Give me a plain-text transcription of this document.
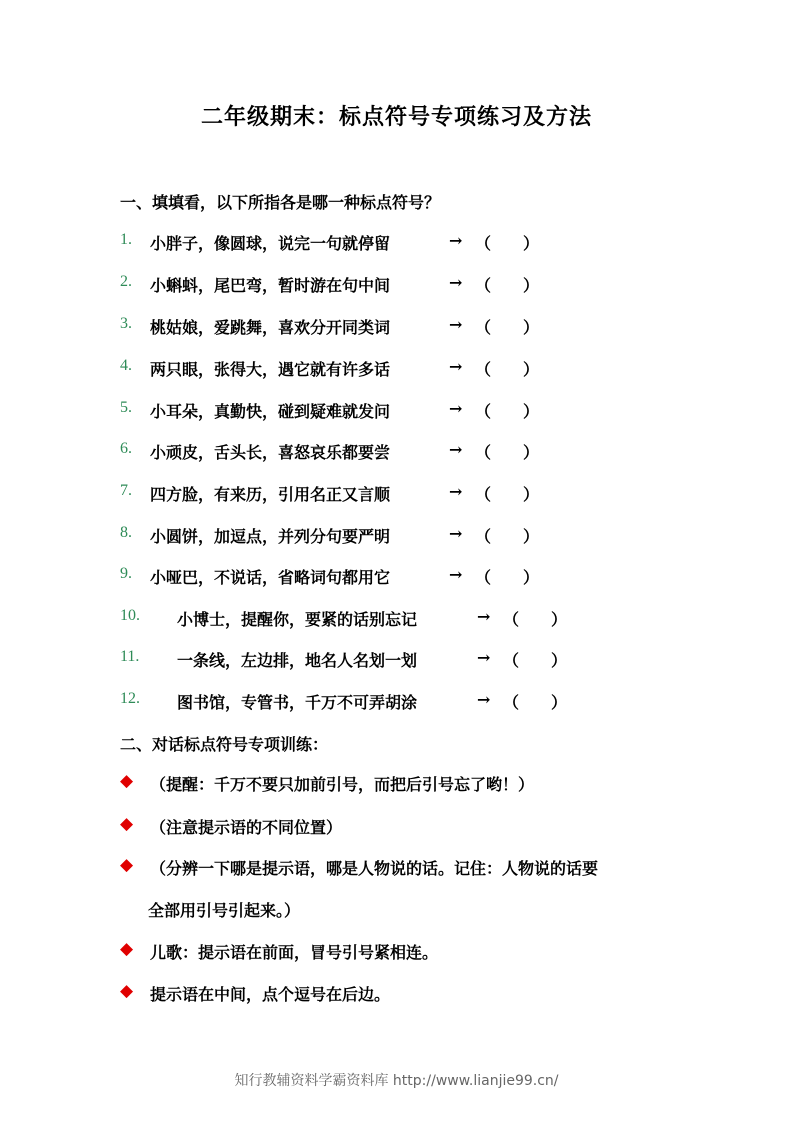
二年级期末：标点符号专项练习及方法
一、填填看，以下所指各是哪一种标点符号？
1. 小胖子，像圆球，说完一句就停留	→ （　　）
2. 小蝌蚪，尾巴弯，暂时游在句中间	→ （　　）
3. 桃姑娘，爱跳舞，喜欢分开同类词	→ （　　）
4. 两只眼，张得大，遇它就有许多话	→ （　　）
5. 小耳朵，真勤快，碰到疑难就发问	→ （　　）
6. 小顽皮，舌头长，喜怒哀乐都要尝	→ （　　）
7. 四方脸，有来历，引用名正又言顺	→ （　　）
8. 小圆饼，加逗点，并列分句要严明	→ （　　）
9. 小哑巴，不说话，省略词句都用它	→ （　　）
10. 小博士，提醒你，要紧的话别忘记	→ （　　）
11. 一条线，左边排，地名人名划一划	→ （　　）
12. 图书馆，专管书，千万不可弄胡涂	→ （　　）
二、对话标点符号专项训练：
◆ （提醒：千万不要只加前引号，而把后引号忘了哟！）
◆ （注意提示语的不同位置）
◆ （分辨一下哪是提示语，哪是人物说的话。记住：人物说的话要
全部用引号引起来。）
◆ 儿歌：提示语在前面，冒号引号紧相连。
◆ 提示语在中间，点个逗号在后边。
知行教辅资料学霸资料库 http://www.lianjie99.cn/
